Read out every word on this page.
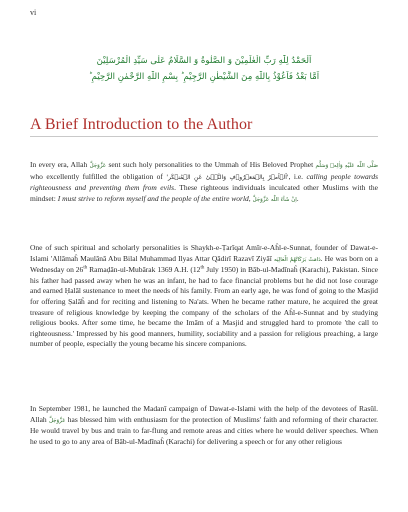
vi
اَلْحَمْدُ لِلّٰهِ رَبِّ الْعٰلَمِيْنَ وَ الصَّلٰوةُ وَ السَّلَامُ عَلٰى سَيِّدِ الْمُرْسَلِيْنَ
اَمَّا بَعْدُ فَاَعُوْذُ بِاللّٰهِ مِنَ الشَّيْطٰنِ الرَّجِيْمِ ؕ بِسْمِ اللّٰهِ الرَّحْمٰنِ الرَّحِيْمِ ؕ
A Brief Introduction to the Author

In every era, Allah عَزَّوَجَلَّ sent such holy personalities to the Ummah of His Beloved Prophet صَلَّى اللّٰه عَلَيْهِ وَاٰلِهٖ وَسَلَّم who excellently fulfilled the obligation of 'اَلۡاَمۡرُ بِالۡمَعۡرُوۡفِ وَالنَّہۡیُ عَنِ الۡمُنۡکَر', i.e. calling people towards righteousness and preventing them from evils. These righteous individuals inculcated other Muslims with the mindset: I must strive to reform myself and the people of the entire world, اِنْ شَآءَ اللّٰه عَزَّوَجَلَّ.

One of such spiritual and scholarly personalities is Shaykh-e-Ṭarīqat Amīr-e-Aĥl-e-Sunnat, founder of Dawat-e-Islami 'Allāmaĥ Maulānā Abu Bilal Muhammad Ilyas Attar Qādirī Razavī Ziyāī دَامَتْ بَرَكَاتُهُمُ الْعَالِيَه. He was born on a Wednesday on 26th Ramaḍān-ul-Mubārak 1369 A.H. (12th July 1950) in Bāb-ul-Madīnaĥ (Karachi), Pakistan. Since his father had passed away when he was an infant, he had to face financial problems but he did not lose courage and earned Ḥalāl sustenance to meet the needs of his family. From an early age, he was fond of going to the Masjid for offering Ṣalāĥ and for reciting and listening to Na'ats. When he became rather mature, he acquired the great treasure of religious knowledge by keeping the company of the scholars of the Aĥl-e-Sunnat and by studying religious books. After some time, he became the Imām of a Masjid and struggled hard to promote 'the call to righteousness.' Impressed by his good manners, humility, sociability and a passion for religious preaching, a large number of people, especially the young became his sincere companions.

In September 1981, he launched the Madanī campaign of Dawat-e-Islami with the help of the devotees of Rasūl. Allah عَزَّوَجَلَّ has blessed him with enthusiasm for the protection of Muslims' faith and reforming of their character. He would travel by bus and train to far-flung and remote areas and cities where he would deliver speeches. When he used to go to any area of Bāb-ul-Madīnaĥ (Karachi) for delivering a speech or for any other religious
